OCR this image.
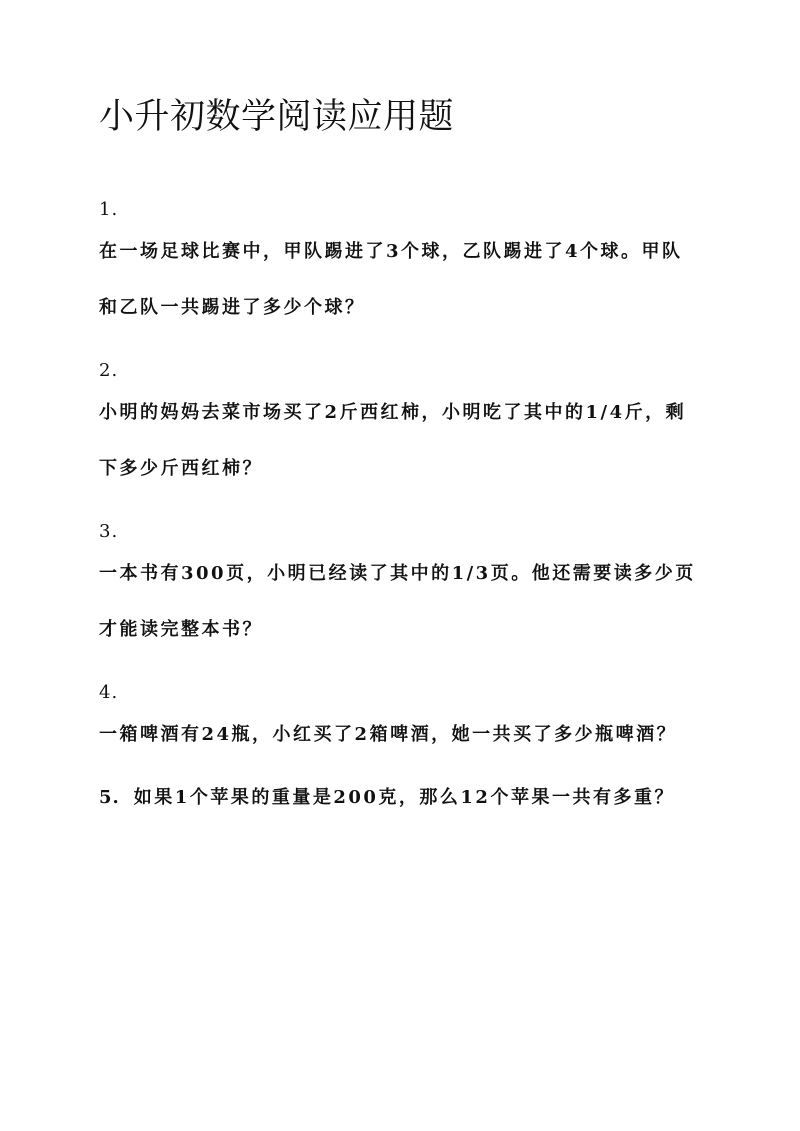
小升初数学阅读应用题
1.
在一场足球比赛中，甲队踢进了3个球，乙队踢进了4个球。甲队和乙队一共踢进了多少个球？
2.
小明的妈妈去菜市场买了2斤西红柿，小明吃了其中的1/4斤，剩下多少斤西红柿？
3.
一本书有300页，小明已经读了其中的1/3页。他还需要读多少页才能读完整本书？
4.
一箱啤酒有24瓶，小红买了2箱啤酒，她一共买了多少瓶啤酒？
5. 如果1个苹果的重量是200克，那么12个苹果一共有多重？
